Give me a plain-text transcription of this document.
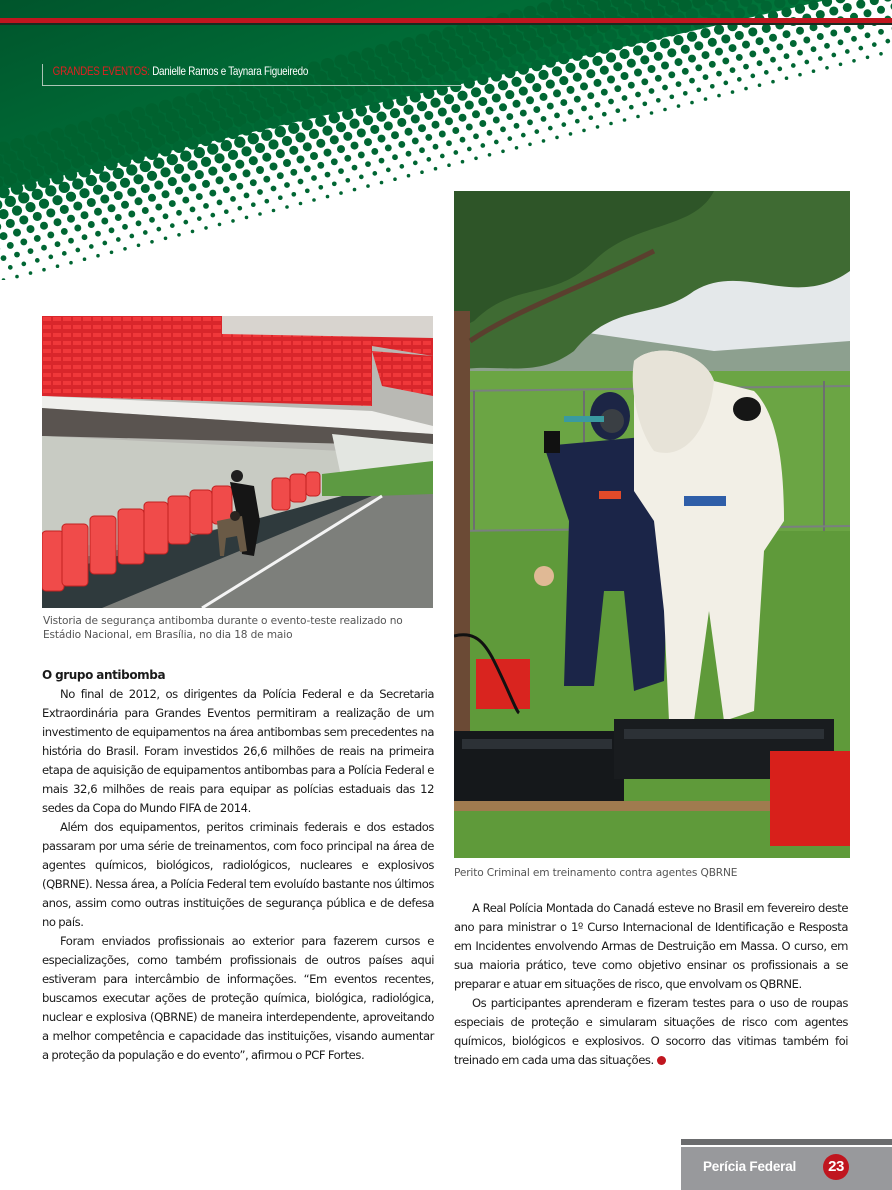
GRANDES EVENTOS: Danielle Ramos e Taynara Figueiredo
Vistoria de segurança antibomba durante o evento-teste realizado no Estádio Nacional, em Brasília, no dia 18 de maio
Perito Criminal em treinamento contra agentes QBRNE
O grupo antibomba

No final de 2012, os dirigentes da Polícia Federal e da Secretaria Extraordinária para Grandes Eventos permitiram a realização de um investimento de equipamentos na área antibombas sem precedentes na história do Brasil. Foram investidos 26,6 milhões de reais na primeira etapa de aquisição de equipamentos antibombas para a Polícia Federal e mais 32,6 milhões de reais para equipar as polícias estaduais das 12 sedes da Copa do Mundo FIFA de 2014.

Além dos equipamentos, peritos criminais federais e dos estados passaram por uma série de treinamentos, com foco principal na área de agentes químicos, biológicos, radiológicos, nucleares e explosivos (QBRNE). Nessa área, a Polícia Federal tem evoluído bastante nos últimos anos, assim como outras instituições de segurança pública e de defesa no país.

Foram enviados profissionais ao exterior para fazerem cursos e especializações, como também profissionais de outros países aqui estiveram para intercâmbio de informações. “Em eventos recentes, buscamos executar ações de proteção química, biológica, radiológica, nuclear e explosiva (QBRNE) de maneira interdependente, aproveitando a melhor competência e capacidade das instituições, visando aumentar a proteção da população e do evento”, afirmou o PCF Fortes.

A Real Polícia Montada do Canadá esteve no Brasil em fevereiro deste ano para ministrar o 1º Curso Internacional de Identificação e Resposta em Incidentes envolvendo Armas de Destruição em Massa. O curso, em sua maioria prático, teve como objetivo ensinar os profissionais a se preparar e atuar em situações de risco, que envolvam os QBRNE.

Os participantes aprenderam e fizeram testes para o uso de roupas especiais de proteção e simularam situações de risco com agentes químicos, biológicos e explosivos. O socorro das vitimas também foi treinado em cada uma das situações.

Perícia Federal	23
